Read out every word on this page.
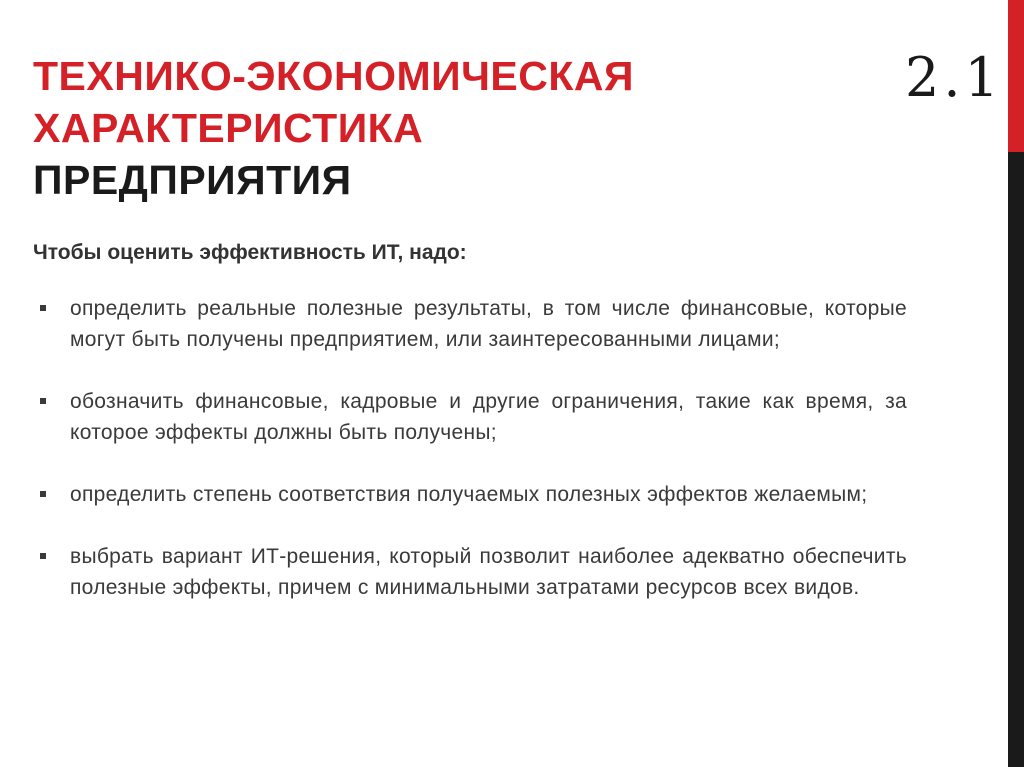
ТЕХНИКО-ЭКОНОМИЧЕСКАЯ
ХАРАКТЕРИСТИКА
ПРЕДПРИЯТИЯ
2.1
Чтобы оценить эффективность ИТ, надо:
определить реальные полезные результаты, в том числе финансовые, которые могут быть получены предприятием, или заинтересованными лицами;
обозначить финансовые, кадровые и другие ограничения, такие как время, за которое эффекты должны быть получены;
определить степень соответствия получаемых полезных эффектов желаемым;
выбрать вариант ИТ-решения, который позволит наиболее адекватно обеспечить полезные эффекты, причем с минимальными затратами ресурсов всех видов.
